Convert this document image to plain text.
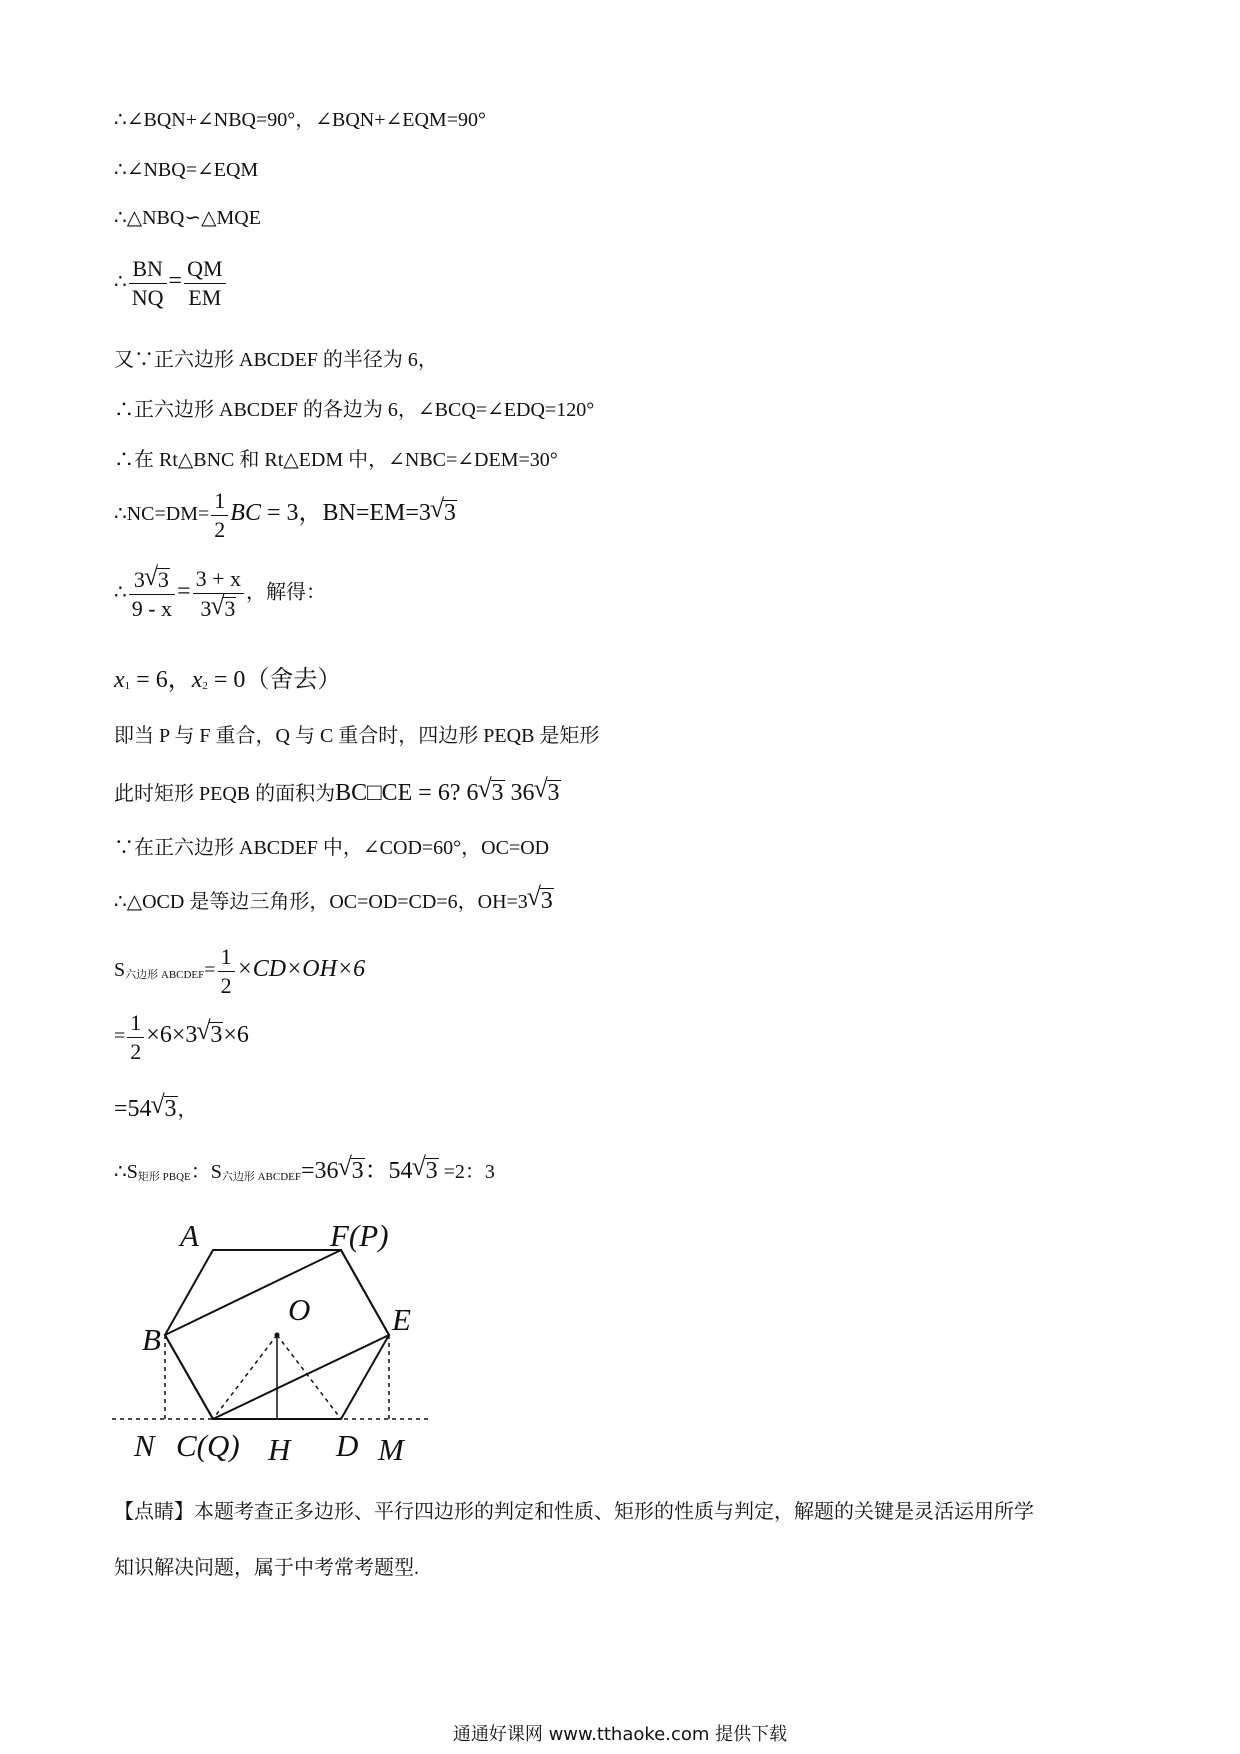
∴∠BQN+∠NBQ=90°，∠BQN+∠EQM=90°
∴∠NBQ=∠EQM
∴△NBQ∽△MQE
∴ $\frac{BN}{NQ} = \frac{QM}{EM}$
又∵正六边形 ABCDEF 的半径为 6，
∴正六边形 ABCDEF 的各边为 6，∠BCQ=∠EDQ=120°
∴在 Rt△BNC 和 Rt△EDM 中，∠NBC=∠DEM=30°
∴NC=DM= $\frac{1}{2}$ BC = 3，BN=EM=3√ 3
∴ $\frac{3√ 3}{9 - x} = \frac{3 + x}{3√ 3}$ ，解得：
x1 = 6，x2 = 0（舍去）
即当 P 与 F 重合，Q 与 C 重合时，四边形 PEQB 是矩形
此时矩形 PEQB 的面积为BC□CE = 6? 6√ 3 36√ 3
∵在正六边形 ABCDEF 中，∠COD=60°，OC=OD
∴△OCD 是等边三角形，OC=OD=CD=6，OH=3√ 3
S六边形 ABCDEF= $\frac{1}{2} \times CD\times OH\times 6$
= $\frac{1}{2} \times 6\times 3√$ 3×6
=54√ 3，
∴S矩形 PBQE：S六边形 ABCDEF=36√ 3：54√ 3 =2：3
A	F(P)
B
O	E
N C(Q) H D M
【点睛】本题考查正多边形、平行四边形的判定和性质、矩形的性质与判定，解题的关键是灵活运用所学
知识解决问题，属于中考常考题型.
通通好课网 www.tthaoke.com 提供下载
